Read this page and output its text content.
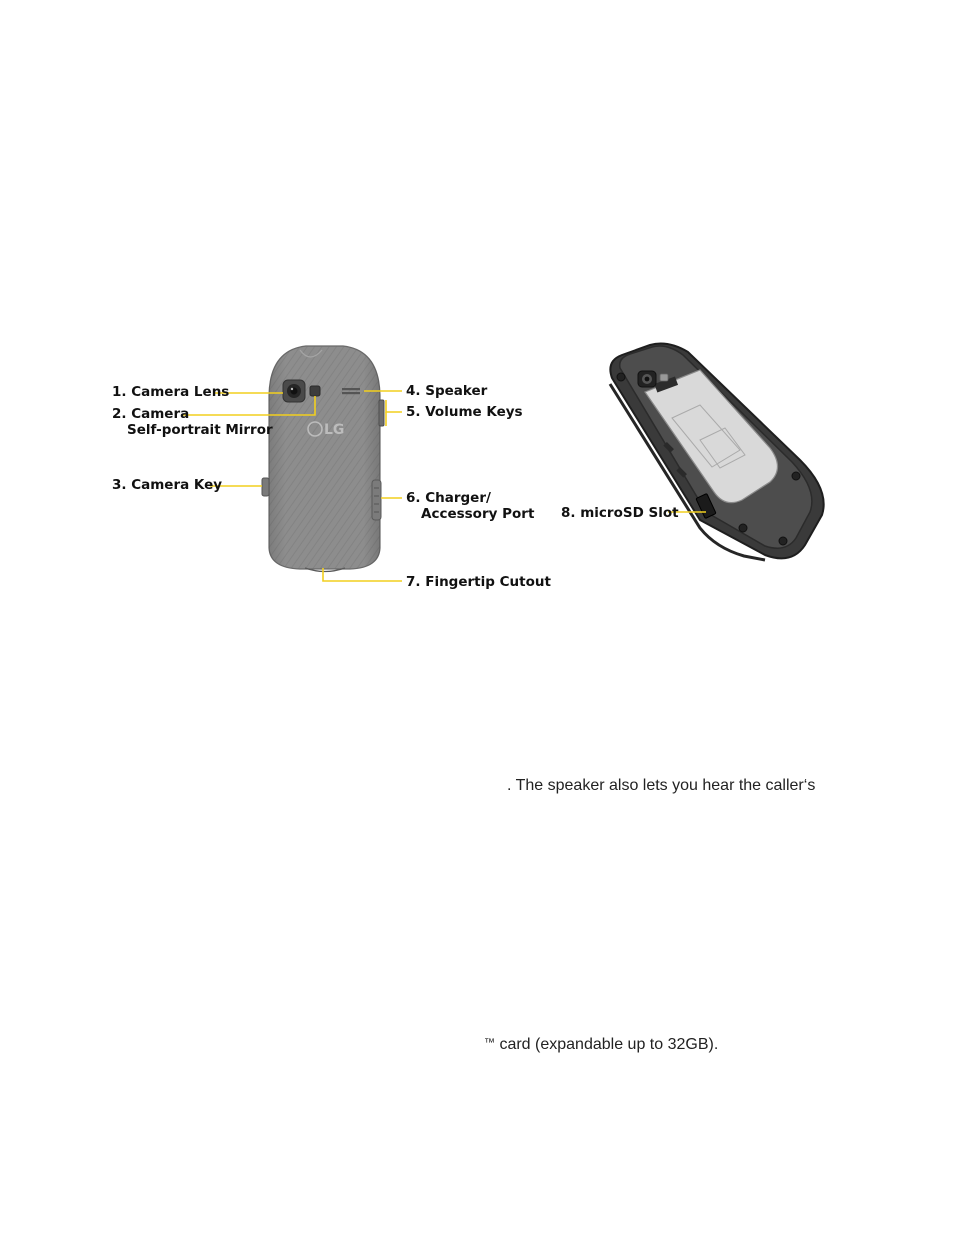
LG
1. Camera Lens
2. Camera
Self-portrait Mirror
3. Camera Key
4. Speaker
5. Volume Keys
6. Charger/
Accessory Port
7. Fingertip Cutout
8. microSD Slot
. The speaker also lets you hear the caller‘s
™ card (expandable up to 32GB).
